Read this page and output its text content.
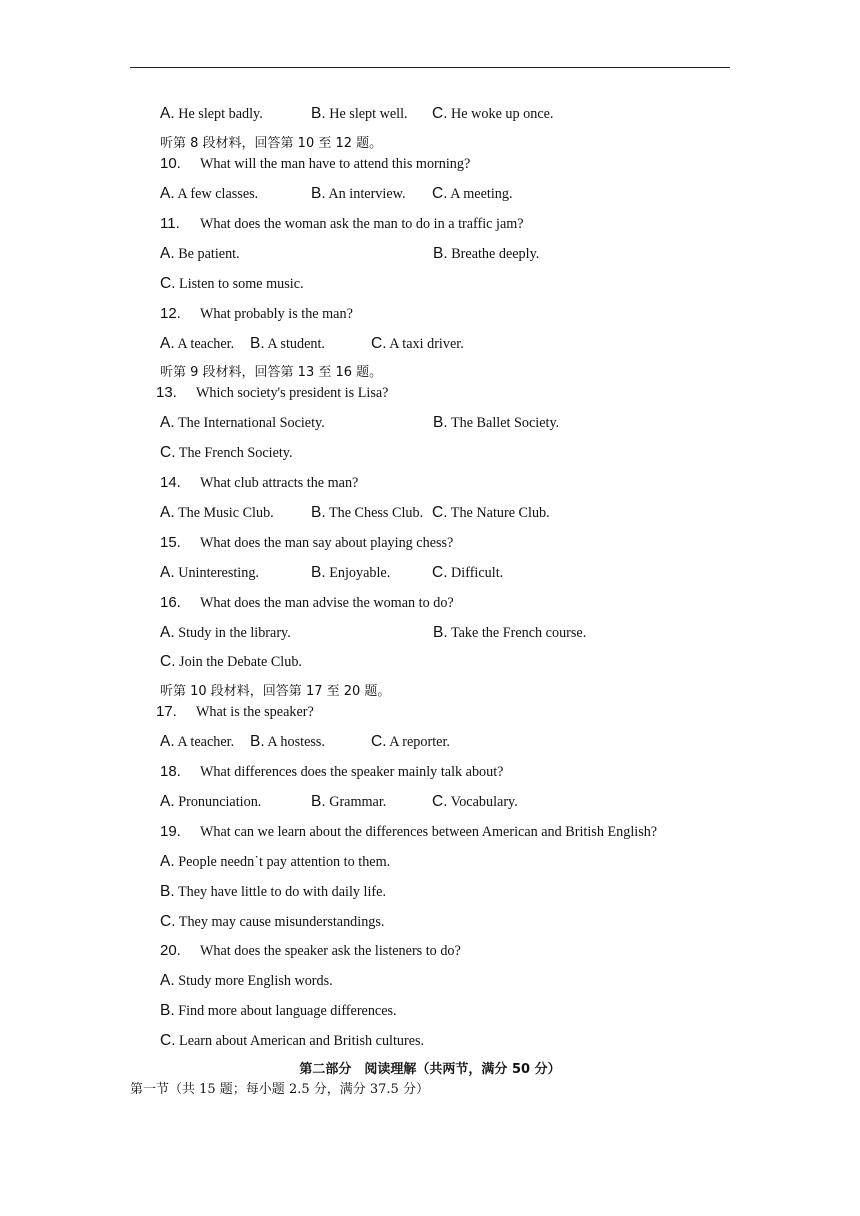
A. He slept badly.	B. He slept well. C. He woke up once.
听第 8 段材料，回答第 10 至 12 题。
10. What will the man have to attend this morning?
A. A few classes.	B. An interview. C. A meeting.
11. What does the woman ask the man to do in a traffic jam?
A. Be patient.	B. Breathe deeply.
C. Listen to some music.
12. What probably is the man?
A. A teacher. B. A student.	C. A taxi driver.
听第 9 段材料，回答第 13 至 16 题。
13. Which society's president is Lisa?
A. The International Society.	B. The Ballet Society.
C. The French Society.
14. What club attracts the man?
A. The Music Club. B. The Chess Club. C. The Nature Club.
15. What does the man say about playing chess?
A. Uninteresting.	B. Enjoyable.	C. Difficult.
16. What does the man advise the woman to do?
A. Study in the library.	B. Take the French course.
C. Join the Debate Club.
听第 10 段材料，回答第 17 至 20 题。
17. What is the speaker?
A. A teacher. B. A hostess.	C. A reporter.
18. What differences does the speaker mainly talk about?
A. Pronunciation.	B. Grammar.	C. Vocabulary.
19. What can we learn about the differences between American and British English?
A. People needn˙t pay attention to them.
B. They have little to do with daily life.
C. They may cause misunderstandings.
20. What does the speaker ask the listeners to do?
A. Study more English words.
B. Find more about language differences.
C. Learn about American and British cultures.
第二部分　阅读理解（共两节，满分 50 分）
第一节（共 15 题；每小题 2.5 分，满分 37.5 分）
